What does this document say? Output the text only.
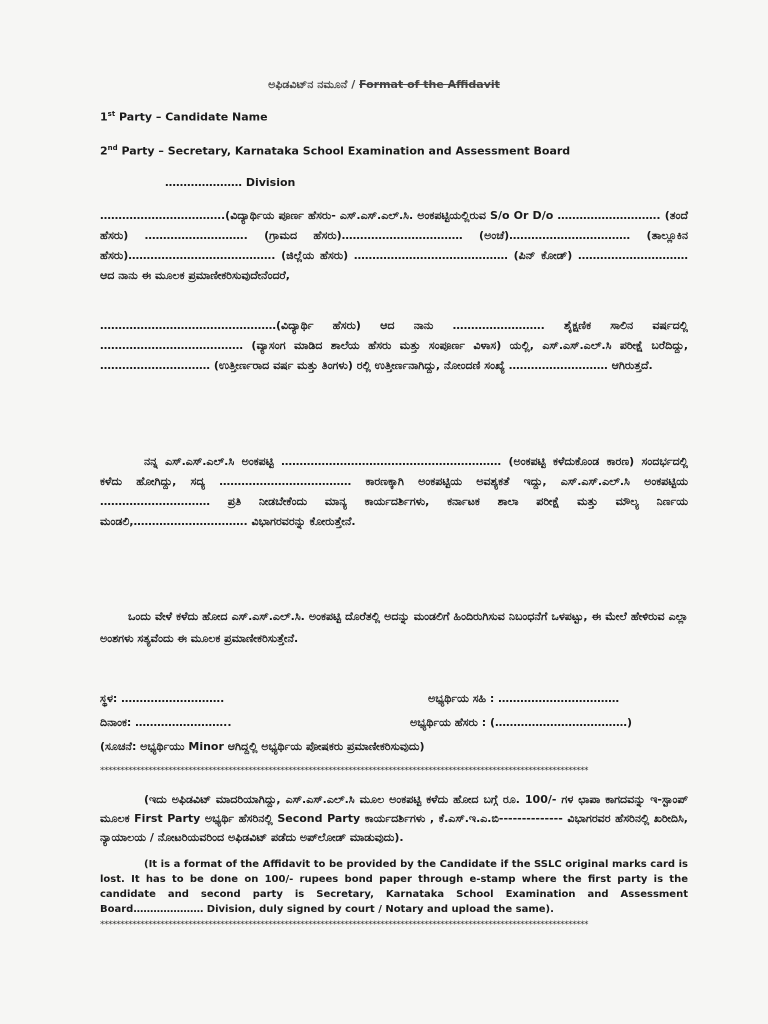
ಅಫಿಡವಿಟ್‌ನ ನಮೂನೆ / Format of the Affidavit
1st Party – Candidate Name
2nd Party – Secretary, Karnataka School Examination and Assessment Board
………………… Division
…………………………….(ವಿದ್ಯಾರ್ಥಿಯ ಪೂರ್ಣ ಹೆಸರು- ಎಸ್.ಎಸ್.ಎಲ್.ಸಿ. ಅಂಕಪಟ್ಟಿಯಲ್ಲಿರುವ S/o Or D/o ………………………. (ತಂದೆ ಹೆಸರು) ………………………. (ಗ್ರಾಮದ ಹೆಸರು)…………………………… (ಅಂಚೆ)…………………………… (ತಾಲ್ಲೂಕಿನ ಹೆಸರು)…………………………………. (ಜಿಲ್ಲೆಯ ಹೆಸರು) …………………………………… (ಪಿನ್ ಕೋಡ್) ………………………… ಆದ ನಾನು ಈ ಮೂಲಕ ಪ್ರಮಾಣೀಕರಿಸುವುದೇನೆಂದರೆ,
…………………………………………(ವಿದ್ಯಾರ್ಥಿ ಹೆಸರು) ಆದ ನಾನು ……………………. ಶೈಕ್ಷಣಿಕ ಸಾಲಿನ ವರ್ಷದಲ್ಲಿ ………………………………… (ವ್ಯಾಸಂಗ ಮಾಡಿದ ಶಾಲೆಯ ಹೆಸರು ಮತ್ತು ಸಂಪೂರ್ಣ ವಿಳಾಸ) ಯಲ್ಲಿ, ಎಸ್.ಎಸ್.ಎಲ್.ಸಿ ಪರೀಕ್ಷೆ ಬರೆದಿದ್ದು, ………………………… (ಉತ್ತೀರ್ಣರಾದ ವರ್ಷ ಮತ್ತು ತಿಂಗಳು) ರಲ್ಲಿ ಉತ್ತೀರ್ಣನಾಗಿದ್ದು, ನೋಂದಣಿ ಸಂಖ್ಯೆ ……………………… ಆಗಿರುತ್ತದೆ.
ನನ್ನ ಎಸ್.ಎಸ್.ಎಲ್.ಸಿ ಅಂಕಪಟ್ಟಿ …………………………………………………… (ಅಂಕಪಟ್ಟಿ ಕಳೆದುಕೊಂಡ ಕಾರಣ) ಸಂದರ್ಭದಲ್ಲಿ ಕಳೆದು ಹೋಗಿದ್ದು, ಸದ್ಯ ……………………………… ಕಾರಣಕ್ಕಾಗಿ ಅಂಕಪಟ್ಟಿಯ ಅವಶ್ಯಕತೆ ಇದ್ದು, ಎಸ್.ಎಸ್.ಎಲ್.ಸಿ ಅಂಕಪಟ್ಟಿಯ ………………………… ಪ್ರತಿ ನೀಡಬೇಕೆಂದು ಮಾನ್ಯ ಕಾರ್ಯದರ್ಶಿಗಳು, ಕರ್ನಾಟಕ ಶಾಲಾ ಪರೀಕ್ಷೆ ಮತ್ತು ಮೌಲ್ಯ ನಿರ್ಣಯ ಮಂಡಲಿ,…………………………. ವಿಭಾಗರವರನ್ನು ಕೋರುತ್ತೇನೆ.
ಒಂದು ವೇಳೆ ಕಳೆದು ಹೋದ ಎಸ್.ಎಸ್.ಎಲ್.ಸಿ. ಅಂಕಪಟ್ಟಿ ದೊರೆತಲ್ಲಿ ಅದನ್ನು ಮಂಡಲಿಗೆ ಹಿಂದಿರುಗಿಸುವ ನಿಬಂಧನೆಗೆ ಒಳಪಟ್ಟು, ಈ ಮೇಲೆ ಹೇಳಿರುವ ಎಲ್ಲಾ ಅಂಶಗಳು ಸತ್ಯವೆಂದು ಈ ಮೂಲಕ ಪ್ರಮಾಣೀಕರಿಸುತ್ತೇನೆ.
ಸ್ಥಳ: ……………………….	ಅಭ್ಯರ್ಥಿಯ ಸಹಿ : ……………………………
ದಿನಾಂಕ: ……………………..	ಅಭ್ಯರ್ಥಿಯ ಹೆಸರು : (………………………………)
(ಸೂಚನೆ: ಅಭ್ಯರ್ಥಿಯು Minor ಆಗಿದ್ದಲ್ಲಿ ಅಭ್ಯರ್ಥಿಯ ಪೋಷಕರು ಪ್ರಮಾಣೀಕರಿಸುವುದು)
**************************************************************************************************************************
(ಇದು ಅಫಿಡವಿಟ್ ಮಾದರಿಯಾಗಿದ್ದು, ಎಸ್.ಎಸ್.ಎಲ್.ಸಿ ಮೂಲ ಅಂಕಪಟ್ಟಿ ಕಳೆದು ಹೋದ ಬಗ್ಗೆ ರೂ. 100/- ಗಳ ಛಾಪಾ ಕಾಗದವನ್ನು ಇ-ಸ್ಟಾಂಪ್ ಮೂಲಕ First Party ಅಭ್ಯರ್ಥಿ ಹೆಸರಿನಲ್ಲಿ Second Party ಕಾರ್ಯದರ್ಶಿಗಳು , ಕೆ.ಎಸ್.ಇ.ಎ.ಬಿ-------------- ವಿಭಾಗರವರ ಹೆಸರಿನಲ್ಲಿ ಖರೀದಿಸಿ, ನ್ಯಾಯಾಲಯ / ನೋಟರಿಯವರಿಂದ ಅಫಿಡವಿಟ್ ಪಡೆದು ಅಪ್‌ಲೋಡ್ ಮಾಡುವುದು).
(It is a format of the Affidavit to be provided by the Candidate if the SSLC original marks card is lost. It has to be done on 100/- rupees bond paper through e-stamp where the first party is the candidate and second party is Secretary, Karnataka School Examination and Assessment Board………………… Division, duly signed by court / Notary and upload the same).
**************************************************************************************************************************
